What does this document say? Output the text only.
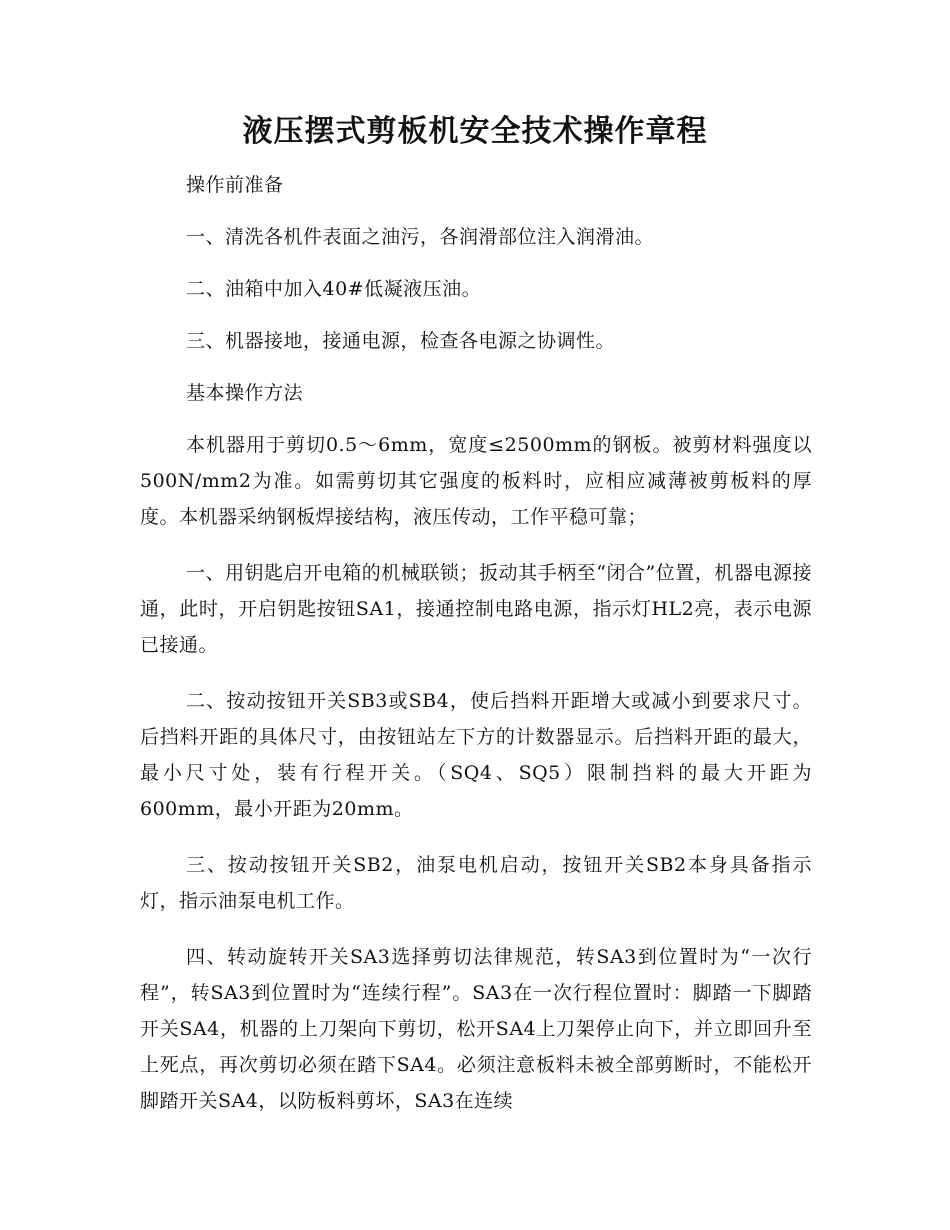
液压摆式剪板机安全技术操作章程

操作前准备

一、清洗各机件表面之油污，各润滑部位注入润滑油。

二、油箱中加入40#低凝液压油。

三、机器接地，接通电源，检查各电源之协调性。

基本操作方法

本机器用于剪切0.5～6mm，宽度≤2500mm的钢板。被剪材料强度以500N/mm2为准。如需剪切其它强度的板料时，应相应减薄被剪板料的厚度。本机器采纳钢板焊接结构，液压传动，工作平稳可靠；

一、用钥匙启开电箱的机械联锁；扳动其手柄至“闭合”位置，机器电源接通，此时，开启钥匙按钮SA1，接通控制电路电源，指示灯HL2亮，表示电源已接通。

二、按动按钮开关SB3或SB4，使后挡料开距增大或减小到要求尺寸。后挡料开距的具体尺寸，由按钮站左下方的计数器显示。后挡料开距的最大，最小尺寸处，装有行程开关。（SQ4、SQ5）限制挡料的最大开距为600mm，最小开距为20mm。

三、按动按钮开关SB2，油泵电机启动，按钮开关SB2本身具备指示灯，指示油泵电机工作。

四、转动旋转开关SA3选择剪切法律规范，转SA3到位置时为“一次行程”，转SA3到位置时为“连续行程”。SA3在一次行程位置时：脚踏一下脚踏开关SA4，机器的上刀架向下剪切，松开SA4上刀架停止向下，并立即回升至上死点，再次剪切必须在踏下SA4。必须注意板料未被全部剪断时，不能松开脚踏开关SA4，以防板料剪坏，SA3在连续
